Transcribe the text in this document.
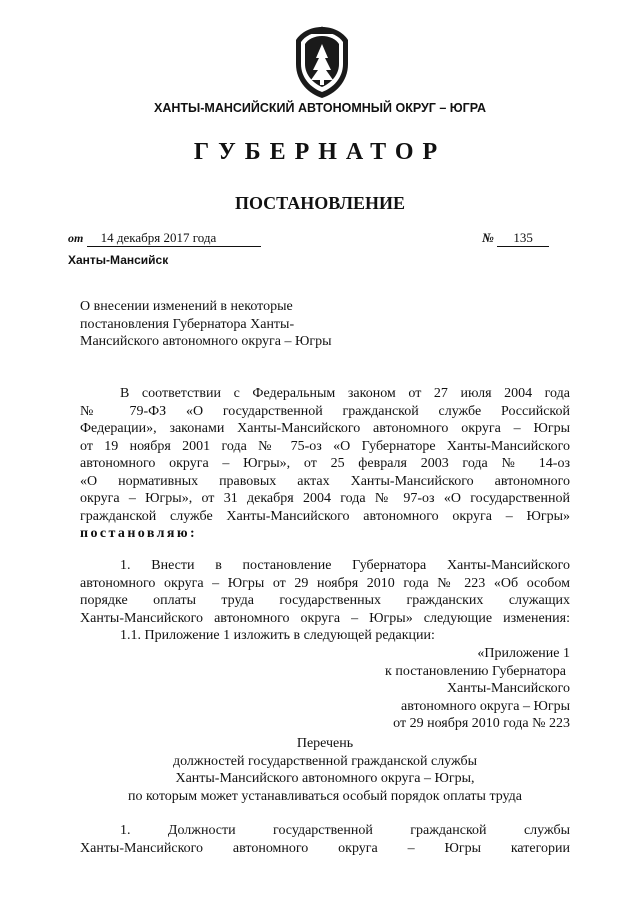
ХАНТЫ-МАНСИЙСКИЙ АВТОНОМНЫЙ ОКРУГ – ЮГРА
ГУБЕРНАТОР
ПОСТАНОВЛЕНИЕ
от 14 декабря 2017 года	№ 135
Ханты-Мансийск
О внесении изменений в некоторые
постановления Губернатора Ханты-
Мансийского автономного округа – Югры
В соответствии с Федеральным законом от 27 июля 2004 года
№ 79-ФЗ «О государственной гражданской службе Российской
Федерации», законами Ханты-Мансийского автономного округа – Югры
от 19 ноября 2001 года № 75-оз «О Губернаторе Ханты-Мансийского
автономного округа – Югры», от 25 февраля 2003 года № 14-оз
«О нормативных правовых актах Ханты-Мансийского автономного
округа – Югры», от 31 декабря 2004 года № 97-оз «О государственной
гражданской службе Ханты-Мансийского автономного округа – Югры»
постановляю:
1. Внести в постановление Губернатора Ханты-Мансийского
автономного округа – Югры от 29 ноября 2010 года № 223 «Об особом
порядке оплаты труда государственных гражданских служащих
Ханты-Мансийского автономного округа – Югры» следующие изменения:
1.1. Приложение 1 изложить в следующей редакции:
«Приложение 1
к постановлению Губернатора
Ханты-Мансийского
автономного округа – Югры
от 29 ноября 2010 года № 223
Перечень
должностей государственной гражданской службы
Ханты-Мансийского автономного округа – Югры,
по которым может устанавливаться особый порядок оплаты труда
1. Должности государственной гражданской службы
Ханты-Мансийского автономного округа – Югры категории
